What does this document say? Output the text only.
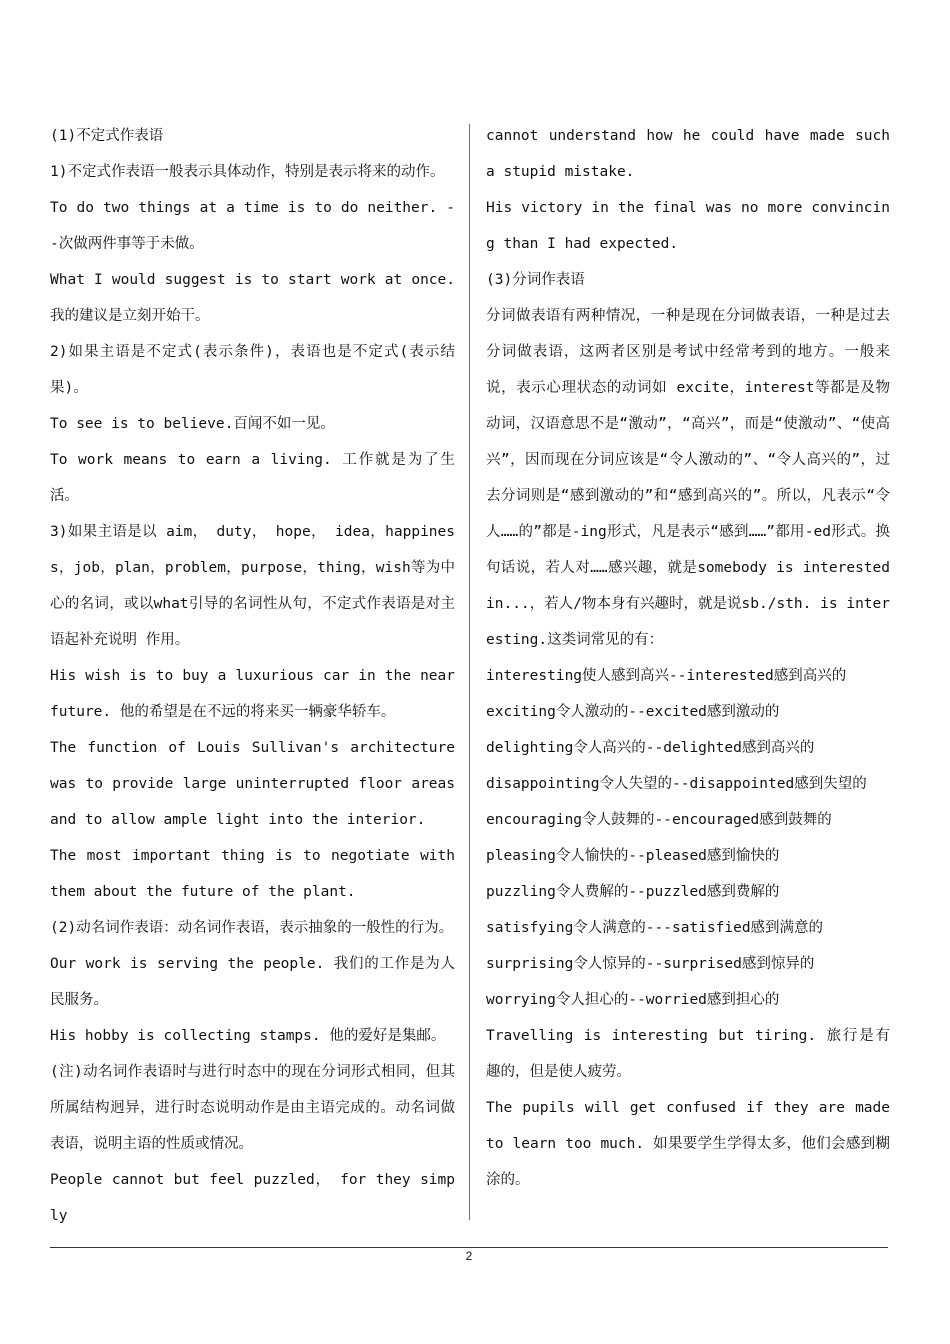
(1)不定式作表语

1)不定式作表语一般表示具体动作，特别是表示将来的动作。

To do two things at a time is to do neither. --次做两件事等于未做。

What I would suggest is to start work at once. 我的建议是立刻开始干。

2)如果主语是不定式(表示条件)，表语也是不定式(表示结果)。

To see is to believe.百闻不如一见。

To work means to earn a living. 工作就是为了生活。

3)如果主语是以 aim， duty， hope， idea，happiness，job，plan，problem，purpose，thing，wish等为中心的名词，或以what引导的名词性从句，不定式作表语是对主语起补充说明 作用。

His wish is to buy a luxurious car in the near future. 他的希望是在不远的将来买一辆豪华轿车。

The function of Louis Sullivan's architecture was to provide large uninterrupted floor areas and to allow ample light into the interior.

The most important thing is to negotiate with them about the future of the plant.

(2)动名词作表语：动名词作表语，表示抽象的一般性的行为。

Our work is serving the people. 我们的工作是为人民服务。

His hobby is collecting stamps. 他的爱好是集邮。

(注)动名词作表语时与进行时态中的现在分词形式相同，但其所属结构迥异，进行时态说明动作是由主语完成的。动名词做表语，说明主语的性质或情况。

People cannot but feel puzzled， for they simply

cannot understand how he could have made such a stupid mistake.

His victory in the final was no more convincing than I had expected.

(3)分词作表语

分词做表语有两种情况，一种是现在分词做表语，一种是过去分词做表语，这两者区别是考试中经常考到的地方。一般来说，表示心理状态的动词如 excite，interest等都是及物动词，汉语意思不是“激动”，“高兴”，而是“使激动”、“使高兴”，因而现在分词应该是“令人激动的”、“令人高兴的”，过去分词则是“感到激动的”和“感到高兴的”。所以，凡表示“令人……的”都是-ing形式，凡是表示“感到……”都用-ed形式。换句话说，若人对……感兴趣，就是somebody is interested in...，若人/物本身有兴趣时，就是说sb./sth. is interesting.这类词常见的有：

interesting使人感到高兴--interested感到高兴的

exciting令人激动的--excited感到激动的

delighting令人高兴的--delighted感到高兴的

disappointing令人失望的--disappointed感到失望的

encouraging令人鼓舞的--encouraged感到鼓舞的

pleasing令人愉快的--pleased感到愉快的

puzzling令人费解的--puzzled感到费解的

satisfying令人满意的---satisfied感到满意的

surprising令人惊异的--surprised感到惊异的

worrying令人担心的--worried感到担心的

Travelling is interesting but tiring. 旅行是有趣的，但是使人疲劳。

The pupils will get confused if they are made to learn too much. 如果要学生学得太多，他们会感到糊涂的。

2
